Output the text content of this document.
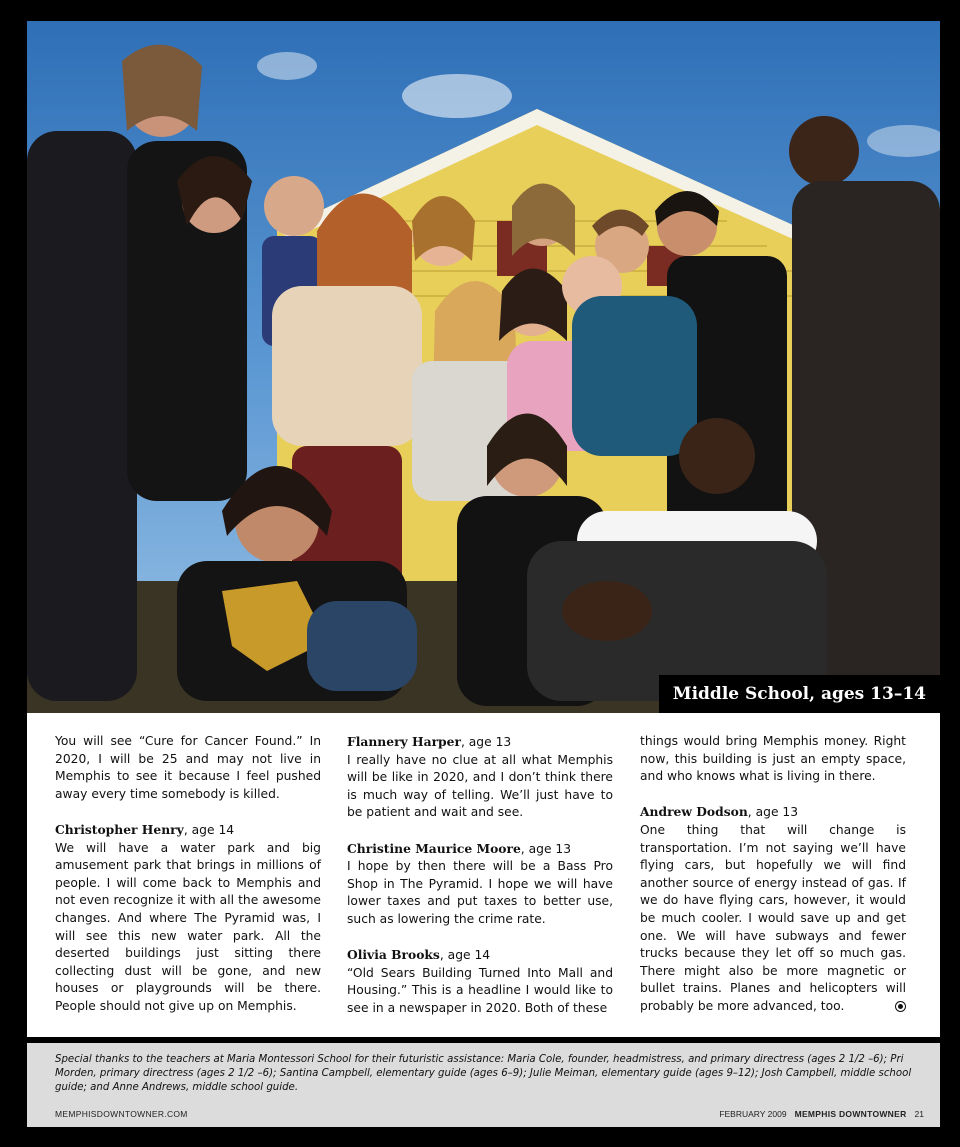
Middle School, ages 13–14

You will see “Cure for Cancer Found.” In 2020, I will be 25 and may not live in Memphis to see it because I feel pushed away every time somebody is killed.

Christopher Henry, age 14
We will have a water park and big amusement park that brings in millions of people. I will come back to Memphis and not even recognize it with all the awesome changes. And where The Pyramid was, I will see this new water park. All the deserted buildings just sitting there collecting dust will be gone, and new houses or playgrounds will be there. People should not give up on Memphis.

Flannery Harper, age 13
I really have no clue at all what Memphis will be like in 2020, and I don’t think there is much way of telling. We’ll just have to be patient and wait and see.

Christine Maurice Moore, age 13
I hope by then there will be a Bass Pro Shop in The Pyramid. I hope we will have lower taxes and put taxes to better use, such as lowering the crime rate.

Olivia Brooks, age 14
“Old Sears Building Turned Into Mall and Housing.” This is a headline I would like to see in a newspaper in 2020. Both of these

things would bring Memphis money. Right now, this building is just an empty space, and who knows what is living in there.

Andrew Dodson, age 13
One thing that will change is transportation. I’m not saying we’ll have flying cars, but hopefully we will find another source of energy instead of gas. If we do have flying cars, however, it would be much cooler. I would save up and get one. We will have subways and fewer trucks because they let off so much gas. There might also be more magnetic or bullet trains. Planes and helicopters will probably be more advanced, too.

Special thanks to the teachers at Maria Montessori School for their futuristic assistance: Maria Cole, founder, headmistress, and primary directress (ages 2 1/2 –6); Pri Morden, primary directress (ages 2 1/2 –6); Santina Campbell, elementary guide (ages 6–9); Julie Meiman, elementary guide (ages 9–12); Josh Campbell, middle school guide; and Anne Andrews, middle school guide.
MEMPHISDOWNTOWNER.COM	FEBRUARY 2009 MEMPHIS DOWNTOWNER 21
